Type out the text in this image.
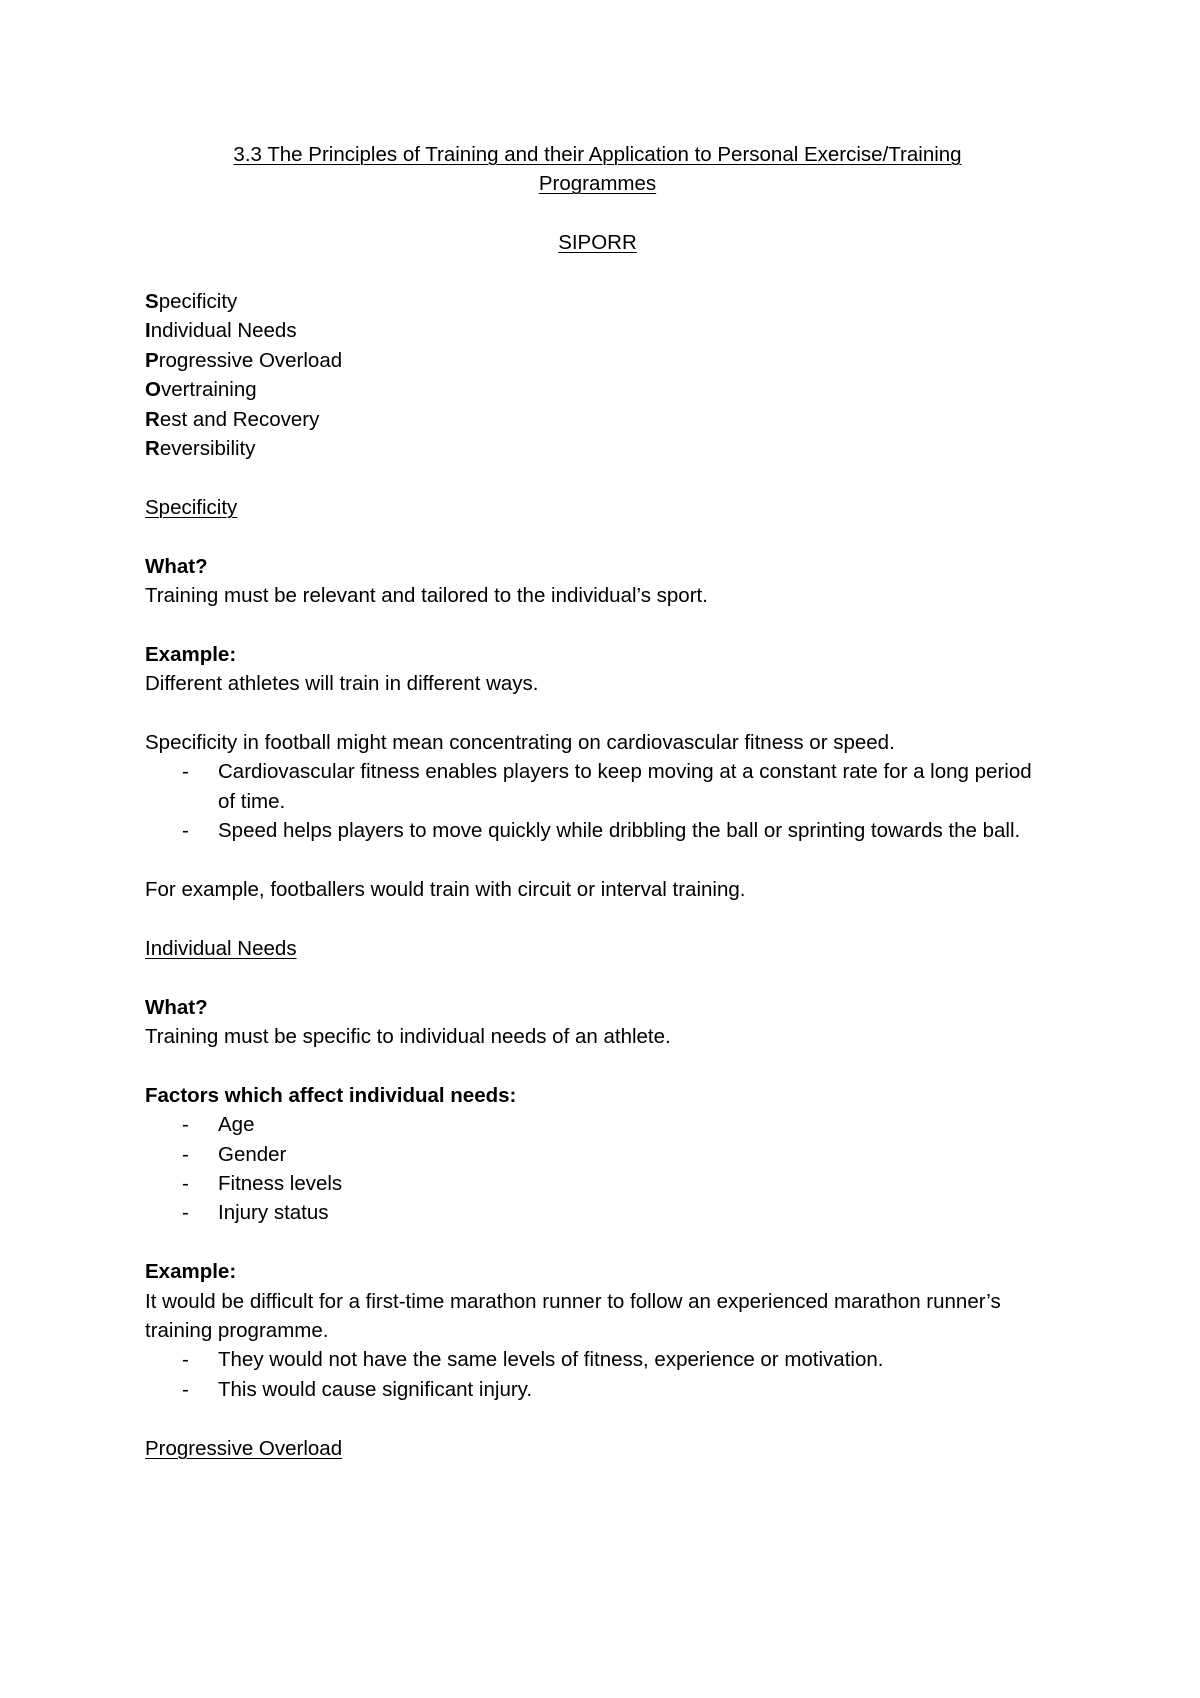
3.3 The Principles of Training and their Application to Personal Exercise/Training
Programmes

SIPORR

Specificity

Individual Needs

Progressive Overload

Overtraining

Rest and Recovery

Reversibility

Specificity

What?

Training must be relevant and tailored to the individual’s sport.

Example:

Different athletes will train in different ways.

Specificity in football might mean concentrating on cardiovascular fitness or speed.

- Cardiovascular fitness enables players to keep moving at a constant rate for a long period of time.
- Speed helps players to move quickly while dribbling the ball or sprinting towards the ball.

For example, footballers would train with circuit or interval training.

Individual Needs

What?

Training must be specific to individual needs of an athlete.

Factors which affect individual needs:

- Age
- Gender
- Fitness levels
- Injury status

Example:

It would be difficult for a first-time marathon runner to follow an experienced marathon runner’s training programme.

- They would not have the same levels of fitness, experience or motivation.
- This would cause significant injury.

Progressive Overload
